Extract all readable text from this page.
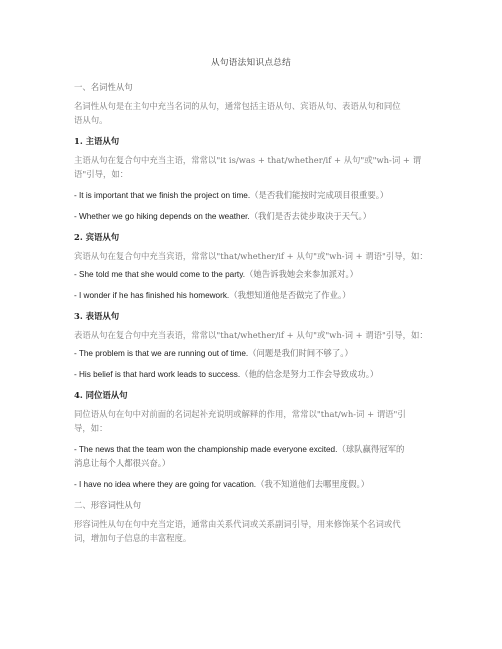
从句语法知识点总结
一、名词性从句
名词性从句是在主句中充当名词的从句，通常包括主语从句、宾语从句、表语从句和同位
语从句。
1. 主语从句
主语从句在复合句中充当主语，常常以"it is/was + that/whether/if + 从句"或"wh-词 + 谓
语"引导，如：
- It is important that we finish the project on time.（是否我们能按时完成项目很重要。）
- Whether we go hiking depends on the weather.（我们是否去徒步取决于天气。）
2. 宾语从句
宾语从句在复合句中充当宾语，常常以"that/whether/if + 从句"或"wh-词 + 谓语"引导，如：
- She told me that she would come to the party.（她告诉我她会来参加派对。）
- I wonder if he has finished his homework.（我想知道他是否做完了作业。）
3. 表语从句
表语从句在复合句中充当表语，常常以"that/whether/if + 从句"或"wh-词 + 谓语"引导，如：
- The problem is that we are running out of time.（问题是我们时间不够了。）
- His belief is that hard work leads to success.（他的信念是努力工作会导致成功。）
4. 同位语从句
同位语从句在句中对前面的名词起补充说明或解释的作用，常常以"that/wh-词 + 谓语"引
导，如：
- The news that the team won the championship made everyone excited.（球队赢得冠军的
消息让每个人都很兴奋。）
- I have no idea where they are going for vacation.（我不知道他们去哪里度假。）
二、形容词性从句
形容词性从句在句中充当定语，通常由关系代词或关系副词引导，用来修饰某个名词或代
词，增加句子信息的丰富程度。
